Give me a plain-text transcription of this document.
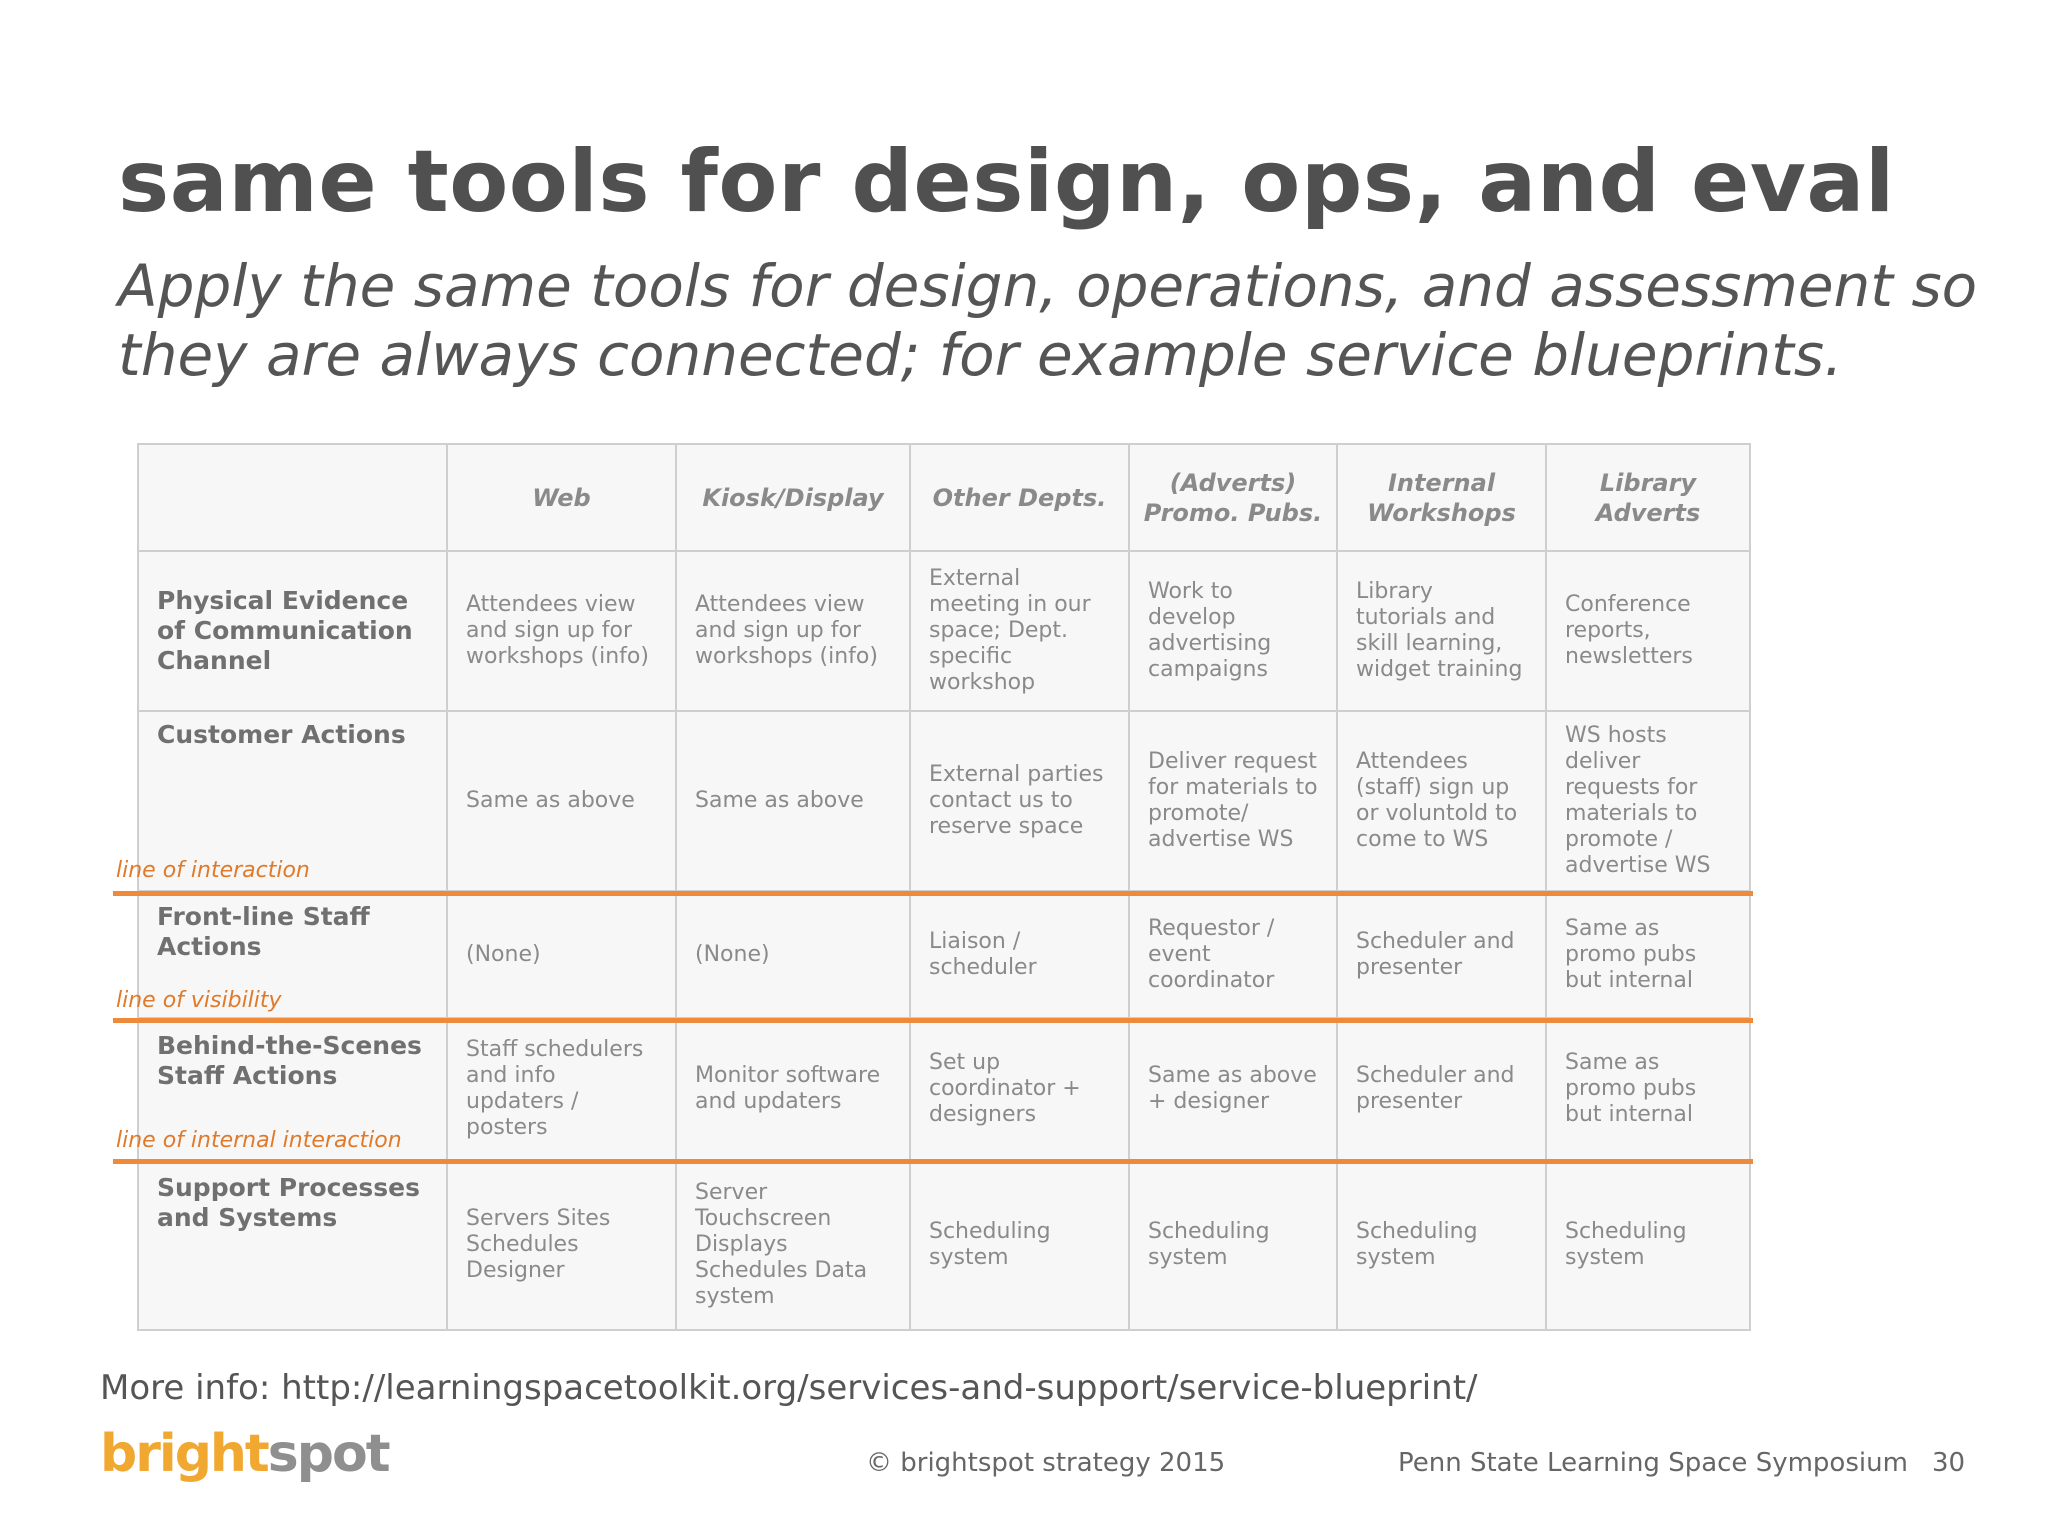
same tools for design, ops, and eval
Apply the same tools for design, operations, and assessment so
they are always connected; for example service blueprints.
	Web	Kiosk/Display	Other Depts.	(Adverts) Promo. Pubs.	Internal Workshops	Library Adverts
Physical Evidence of Communication Channel	Attendees view and sign up for workshops (info)	Attendees view and sign up for workshops (info)	External meeting in our space; Dept. specific workshop	Work to develop advertising campaigns	Library tutorials and skill learning, widget training	Conference reports, newsletters
Customer Actions	Same as above	Same as above	External parties contact us to reserve space	Deliver request for materials to promote/ advertise WS	Attendees (staff) sign up or voluntold to come to WS	WS hosts deliver requests for materials to promote / advertise WS
Front-line Staff Actions	(None)	(None)	Liaison / scheduler	Requestor / event coordinator	Scheduler and presenter	Same as promo pubs but internal
Behind-the-Scenes Staff Actions	Staff schedulers and info updaters / posters	Monitor software and updaters	Set up coordinator + designers	Same as above + designer	Scheduler and presenter	Same as promo pubs but internal
Support Processes and Systems	Servers Sites Schedules Designer	Server Touchscreen Displays Schedules Data system	Scheduling system	Scheduling system	Scheduling system	Scheduling system
line of interaction
line of visibility
line of internal interaction
More info: http://learningspacetoolkit.org/services-and-support/service-blueprint/
brightspot	© brightspot strategy 2015	Penn State Learning Space Symposium 30
